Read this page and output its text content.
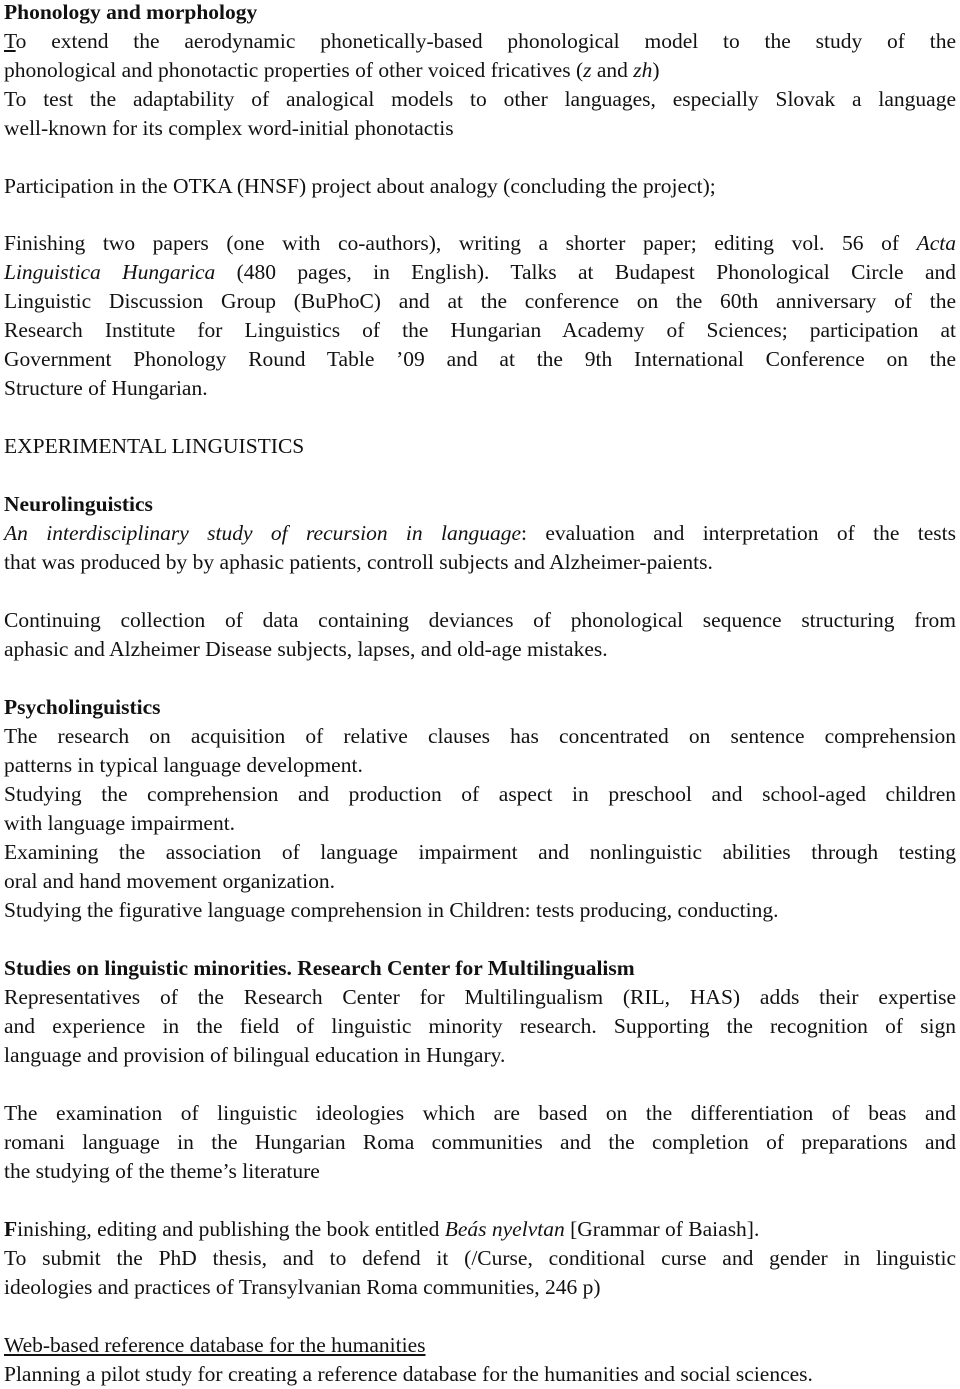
Phonology and morphology
To extend the aerodynamic phonetically-based phonological model to the study of the
phonological and phonotactic properties of other voiced fricatives (z and zh)
To test the adaptability of analogical models to other languages, especially Slovak a language
well-known for its complex word-initial phonotactis
Participation in the OTKA (HNSF) project about analogy (concluding the project);
Finishing two papers (one with co-authors), writing a shorter paper; editing vol. 56 of Acta
Linguistica Hungarica (480 pages, in English). Talks at Budapest Phonological Circle and
Linguistic Discussion Group (BuPhoC) and at the conference on the 60th anniversary of the
Research Institute for Linguistics of the Hungarian Academy of Sciences; participation at
Government Phonology Round Table ’09 and at the 9th International Conference on the
Structure of Hungarian.
EXPERIMENTAL LINGUISTICS
Neurolinguistics
An interdisciplinary study of recursion in language: evaluation and interpretation of the tests
that was produced by by aphasic patients, controll subjects and Alzheimer-paients.
Continuing collection of data containing deviances of phonological sequence structuring from
aphasic and Alzheimer Disease subjects, lapses, and old-age mistakes.
Psycholinguistics
The research on acquisition of relative clauses has concentrated on sentence comprehension
patterns in typical language development.
Studying the comprehension and production of aspect in preschool and school-aged children
with language impairment.
Examining the association of language impairment and nonlinguistic abilities through testing
oral and hand movement organization.
Studying the figurative language comprehension in Children: tests producing, conducting.
Studies on linguistic minorities. Research Center for Multilingualism
Representatives of the Research Center for Multilingualism (RIL, HAS) adds their expertise
and experience in the field of linguistic minority research. Supporting the recognition of sign
language and provision of bilingual education in Hungary.
The examination of linguistic ideologies which are based on the differentiation of beas and
romani language in the Hungarian Roma communities and the completion of preparations and
the studying of the theme’s literature
Finishing, editing and publishing the book entitled Beás nyelvtan [Grammar of Baiash].
To submit the PhD thesis, and to defend it (/Curse, conditional curse and gender in linguistic
ideologies and practices of Transylvanian Roma communities, 246 p)
Web-based reference database for the humanities
Planning a pilot study for creating a reference database for the humanities and social sciences.
